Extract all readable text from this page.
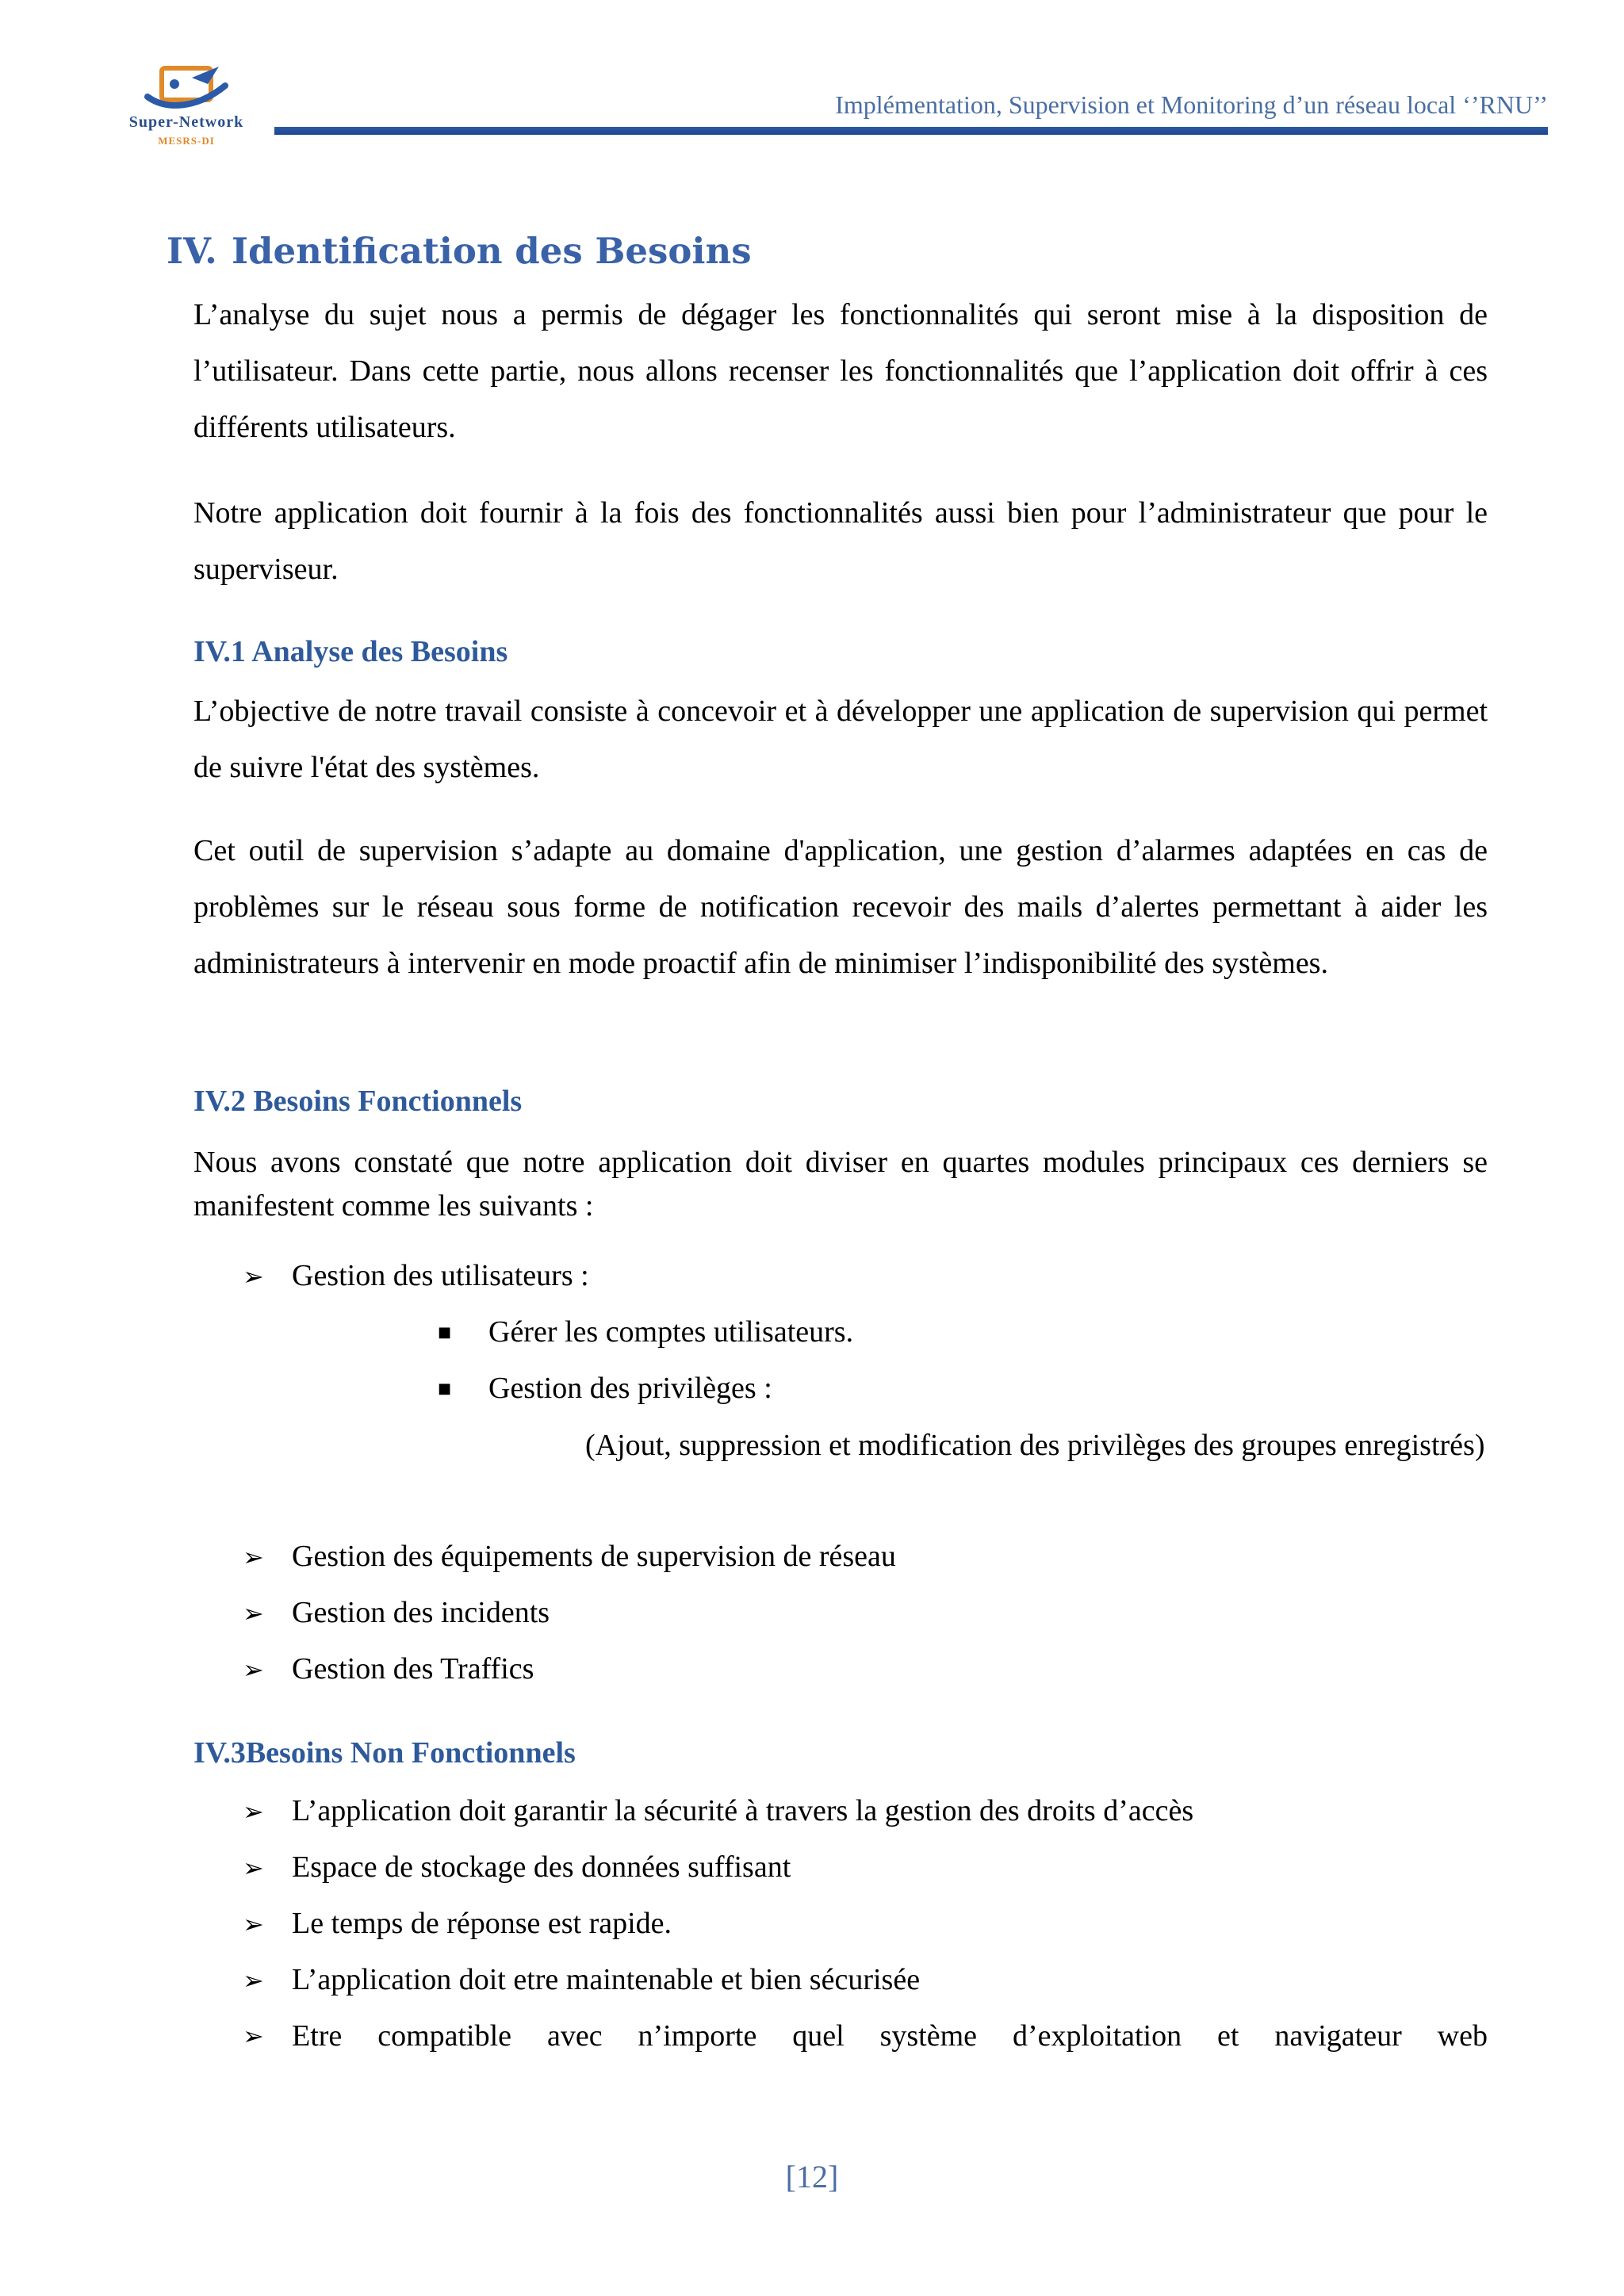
Super-Network
MESRS-DI
Implémentation, Supervision et Monitoring d’un réseau local ‘’RNU’’
IV. Identification des Besoins

L’analyse du sujet nous a permis de dégager les fonctionnalités qui seront mise à la disposition de l’utilisateur. Dans cette partie, nous allons recenser les fonctionnalités que l’application doit offrir à ces différents utilisateurs.

Notre application doit fournir à la fois des fonctionnalités aussi bien pour l’administrateur que pour le superviseur.

IV.1 Analyse des Besoins

L’objective de notre travail consiste à concevoir et à développer une application de supervision qui permet de suivre l'état des systèmes.

Cet outil de supervision s’adapte au domaine d'application, une gestion d’alarmes adaptées en cas de problèmes sur le réseau sous forme de notification recevoir des mails d’alertes permettant à aider les administrateurs à intervenir en mode proactif afin de minimiser l’indisponibilité des systèmes.

IV.2 Besoins Fonctionnels

Nous avons constaté que notre application doit diviser en quartes modules principaux ces derniers se manifestent comme les suivants :

➢ Gestion des utilisateurs :
■ Gérer les comptes utilisateurs.
■ Gestion des privilèges :

(Ajout, suppression et modification des privilèges des groupes enregistrés)

➢ Gestion des équipements de supervision de réseau
➢ Gestion des incidents
➢ Gestion des Traffics
IV.3Besoins Non Fonctionnels
➢ L’application doit garantir la sécurité à travers la gestion des droits d’accès
➢ Espace de stockage des données suffisant
➢ Le temps de réponse est rapide.
➢ L’application doit etre maintenable et bien sécurisée
➢ Etre compatible avec n’importe quel système d’exploitation et navigateur web
[12]
